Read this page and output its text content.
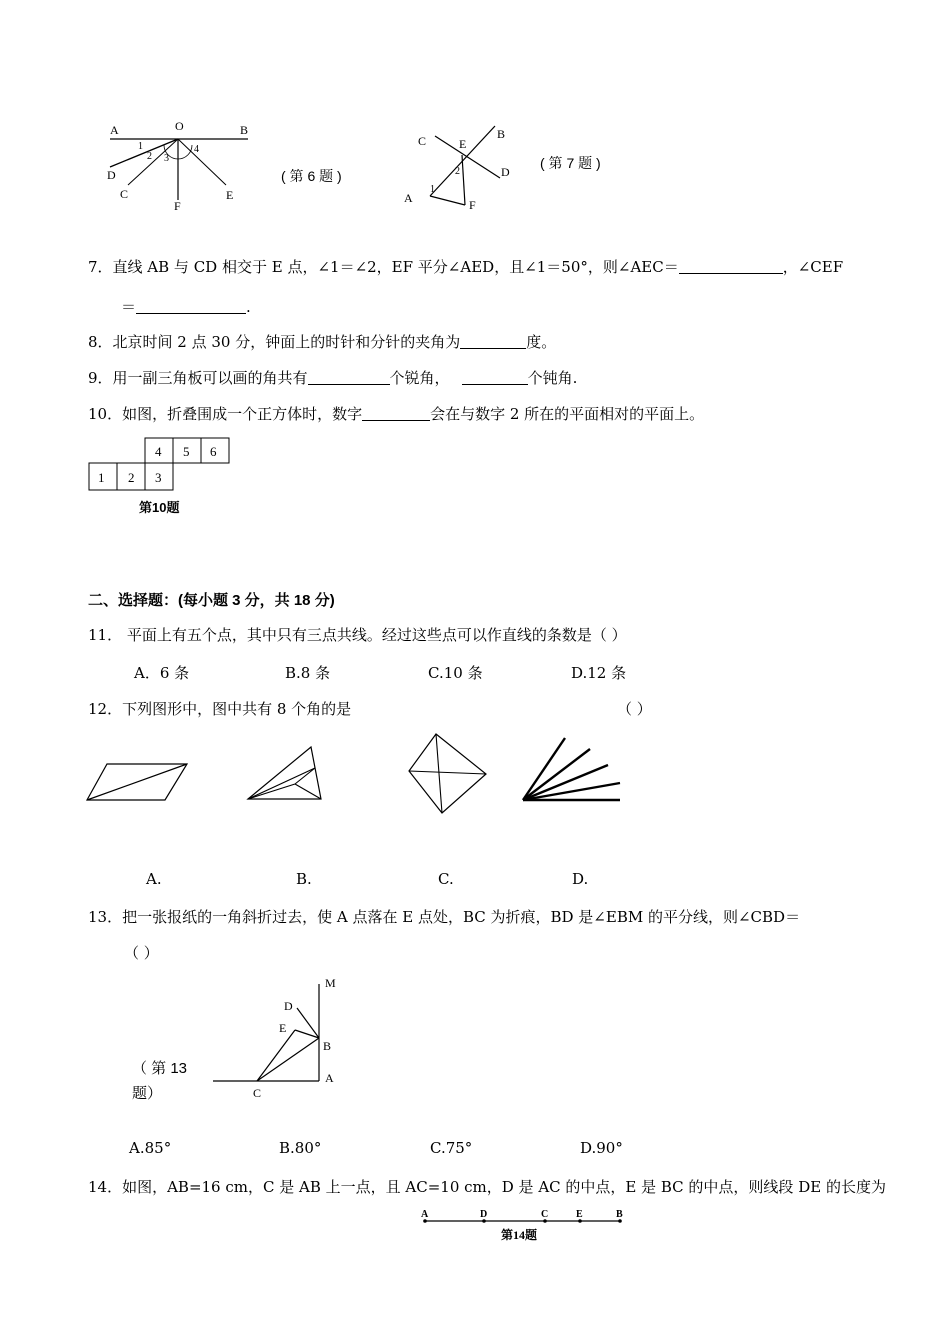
A	O	B
D
C
F
E
1
2 3
4
( 第 6 题 )
C	E
B
D
A	F
2
1
( 第 7 题 )
7．直线 AB 与 CD 相交于 E 点，∠1＝∠2，EF 平分∠AED，且∠1＝50°，则∠AEC＝	，∠CEF
＝	.
8．北京时间 2 点 30 分，钟面上的时针和分针的夹角为	度。
9．用一副三角板可以画的角共有	个锐角，	个钝角.
10．如图，折叠围成一个正方体时，数字	会在与数字 2 所在的平面相对的平面上。
4 5 6
1 2 3
第10题
二、选择题：(每小题 3 分，共 18 分)
11． 平面上有五个点，其中只有三点共线。经过这些点可以作直线的条数是（ ）
A．6 条	B.8 条	C.10 条	D.12 条
12．下列图形中，图中共有 8 个角的是	（ ）
A.	B.	C.	D.
13．把一张报纸的一角斜折过去，使 A 点落在 E 点处，BC 为折痕，BD 是∠EBM 的平分线，则∠CBD＝
（ ）
M
D
E
B
A
C
（ 第 13
题）
A.85°	B.80°	C.75°	D.90°
14．如图，AB=16 cm，C 是 AB 上一点，且 AC=10 cm，D 是 AC 的中点，E 是 BC 的中点，则线段 DE 的长度为
A	D	C	E	B
第14题
